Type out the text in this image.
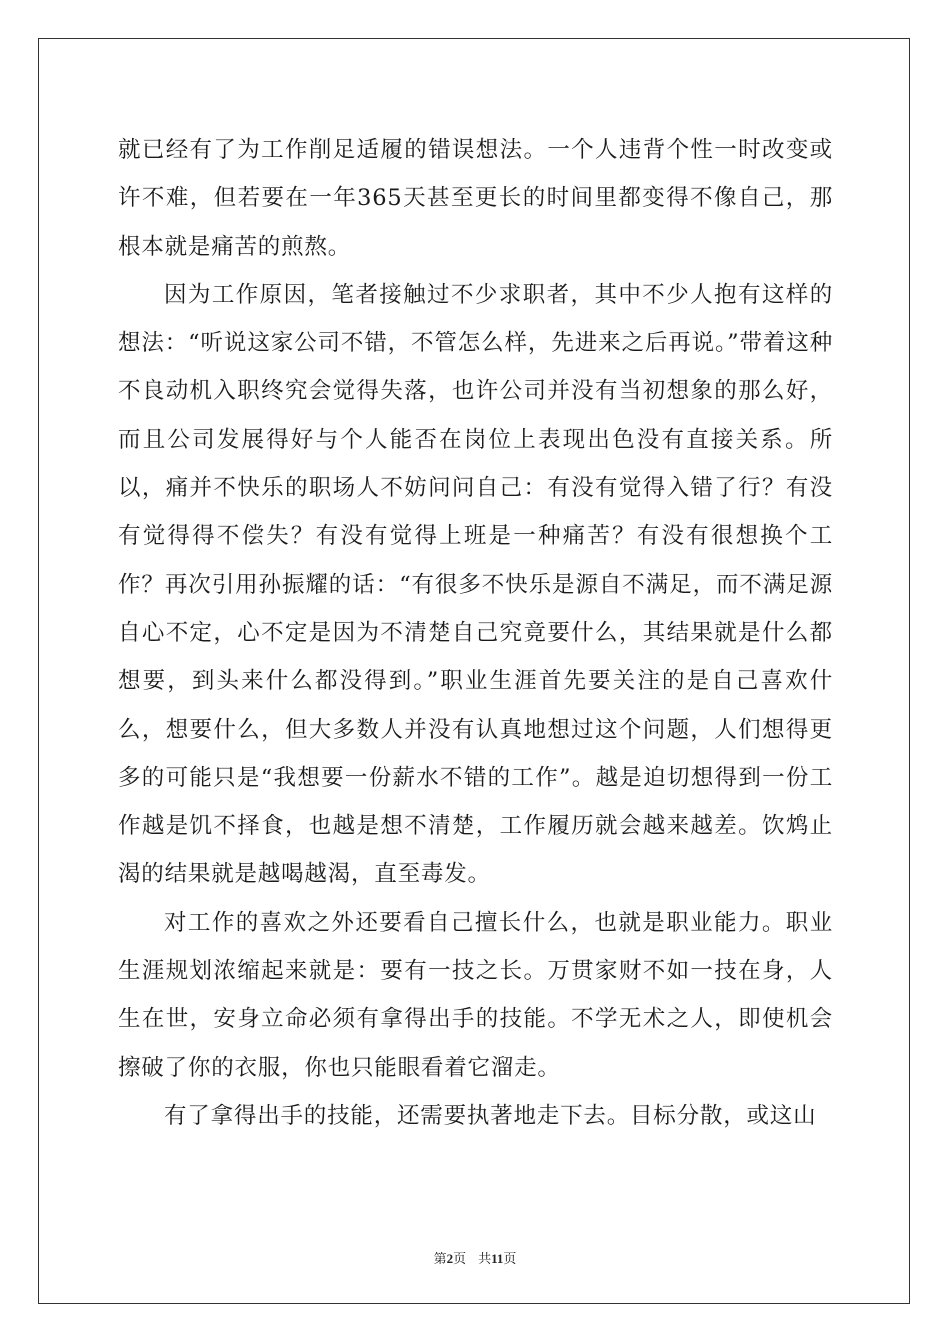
就已经有了为工作削足适履的错误想法。一个人违背个性一时改变或许不难，但若要在一年365天甚至更长的时间里都变得不像自己，那根本就是痛苦的煎熬。

因为工作原因，笔者接触过不少求职者，其中不少人抱有这样的想法：“听说这家公司不错，不管怎么样，先进来之后再说。”带着这种不良动机入职终究会觉得失落，也许公司并没有当初想象的那么好，而且公司发展得好与个人能否在岗位上表现出色没有直接关系。所以，痛并不快乐的职场人不妨问问自己：有没有觉得入错了行？有没有觉得得不偿失？有没有觉得上班是一种痛苦？有没有很想换个工作？再次引用孙振耀的话：“有很多不快乐是源自不满足，而不满足源自心不定，心不定是因为不清楚自己究竟要什么，其结果就是什么都想要，到头来什么都没得到。”职业生涯首先要关注的是自己喜欢什么，想要什么，但大多数人并没有认真地想过这个问题，人们想得更多的可能只是“我想要一份薪水不错的工作”。越是迫切想得到一份工作越是饥不择食，也越是想不清楚，工作履历就会越来越差。饮鸩止渴的结果就是越喝越渴，直至毒发。

对工作的喜欢之外还要看自己擅长什么，也就是职业能力。职业生涯规划浓缩起来就是：要有一技之长。万贯家财不如一技在身，人生在世，安身立命必须有拿得出手的技能。不学无术之人，即使机会擦破了你的衣服，你也只能眼看着它溜走。

有了拿得出手的技能，还需要执著地走下去。目标分散，或这山

第2页 共11页
